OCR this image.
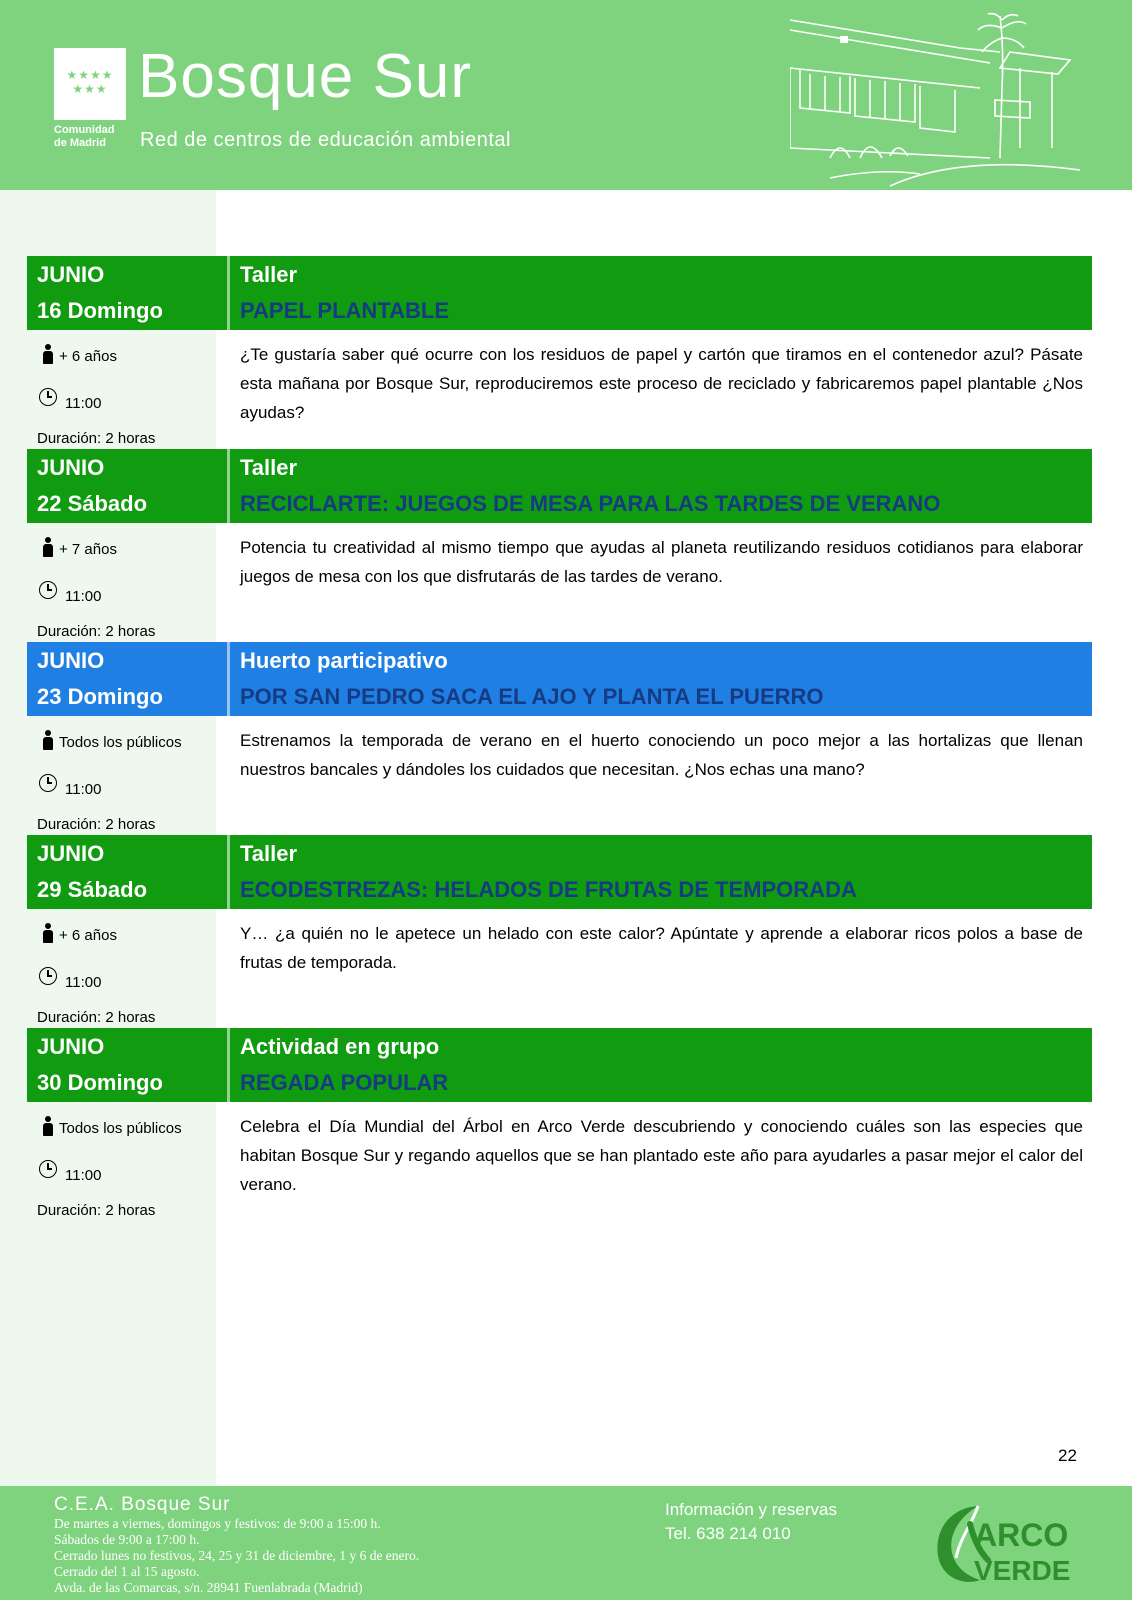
★★★★
★★★
Comunidad
de Madrid
Bosque Sur
Red de centros de educación ambiental
JUNIO
16 Domingo
Taller
PAPEL PLANTABLE
+ 6 años
11:00
Duración: 2 horas
¿Te gustaría saber qué ocurre con los residuos de papel y cartón que tiramos en el contenedor azul? Pásate esta mañana por Bosque Sur, reproduciremos este proceso de reciclado y fabricaremos papel plantable ¿Nos ayudas?
JUNIO
22 Sábado
Taller
RECICLARTE: JUEGOS DE MESA PARA LAS TARDES DE VERANO
+ 7 años
11:00
Duración: 2 horas
Potencia tu creatividad al mismo tiempo que ayudas al planeta reutilizando residuos cotidianos para elaborar juegos de mesa con los que disfrutarás de las tardes de verano.
JUNIO
23 Domingo
Huerto participativo
POR SAN PEDRO SACA EL AJO Y PLANTA EL PUERRO
Todos los públicos
11:00
Duración: 2 horas
Estrenamos la temporada de verano en el huerto conociendo un poco mejor a las hortalizas que llenan nuestros bancales y dándoles los cuidados que necesitan. ¿Nos echas una mano?
JUNIO
29 Sábado
Taller
ECODESTREZAS: HELADOS DE FRUTAS DE TEMPORADA
+ 6 años
11:00
Duración: 2 horas
Y… ¿a quién no le apetece un helado con este calor? Apúntate y aprende a elaborar ricos polos a base de frutas de temporada.
JUNIO
30 Domingo
Actividad en grupo
REGADA POPULAR
Todos los públicos
11:00
Duración: 2 horas
Celebra el Día Mundial del Árbol en Arco Verde descubriendo y conociendo cuáles son las especies que habitan Bosque Sur y regando aquellos que se han plantado este año para ayudarles a pasar mejor el calor del verano.
22
C.E.A. Bosque Sur
De martes a viernes, domingos y festivos: de 9:00 a 15:00 h.
Sábados de 9:00 a 17:00 h.
Cerrado lunes no festivos, 24, 25 y 31 de diciembre, 1 y 6 de enero.
Cerrado del 1 al 15 agosto.
Avda. de las Comarcas, s/n. 28941 Fuenlabrada (Madrid)
Información y reservas
Tel. 638 214 010	ARCO
VERDE
